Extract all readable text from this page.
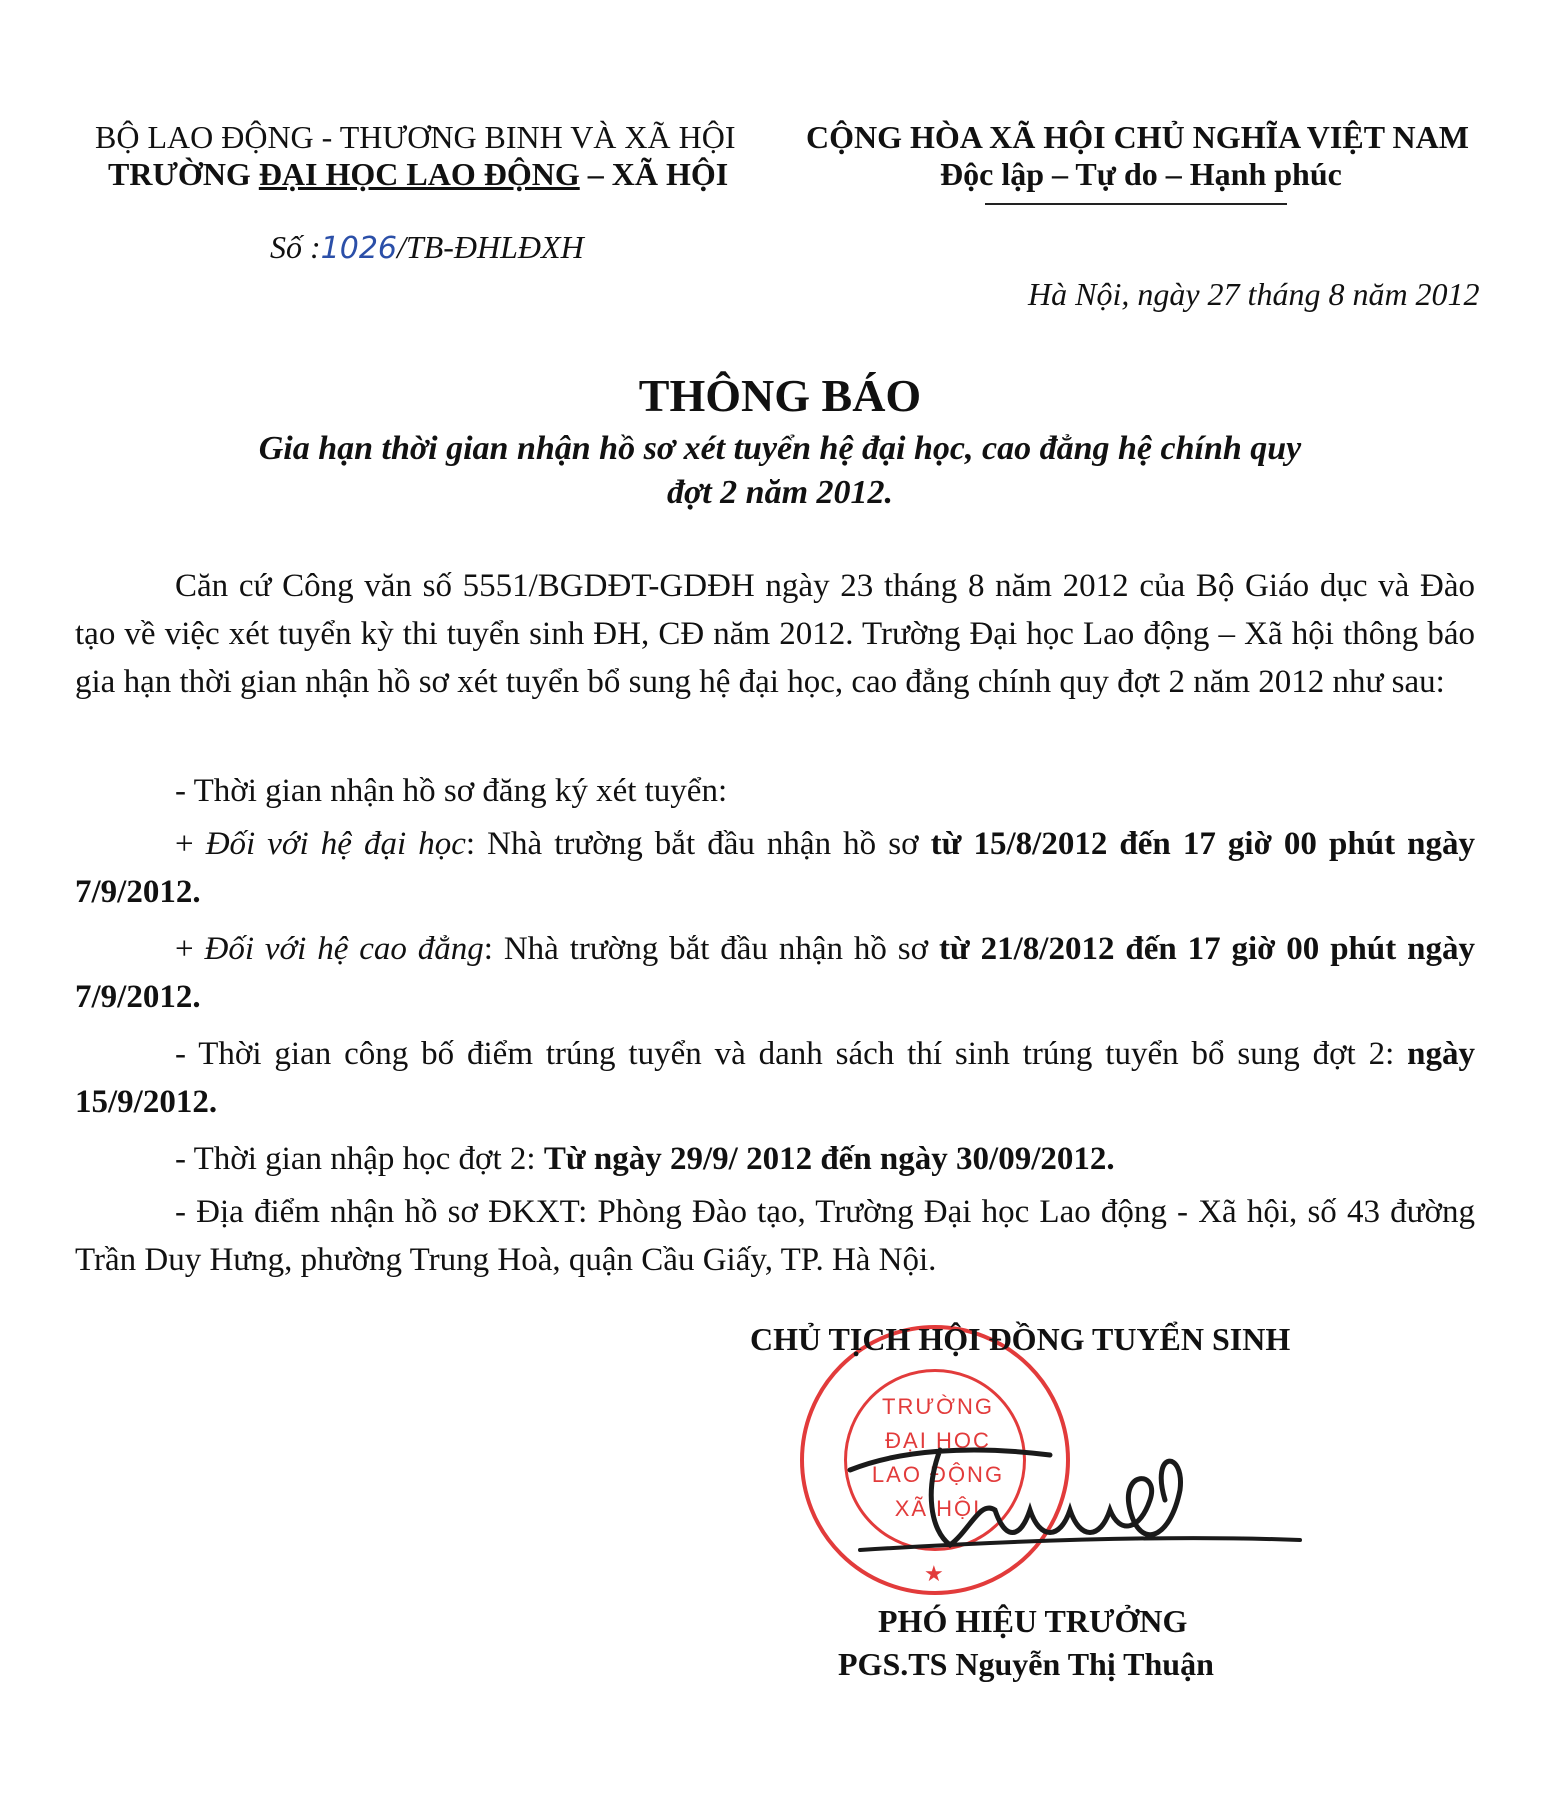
BỘ LAO ĐỘNG - THƯƠNG BINH VÀ XÃ HỘI
TRƯỜNG ĐẠI HỌC LAO ĐỘNG – XÃ HỘI
Số :1026/TB-ĐHLĐXH
CỘNG HÒA XÃ HỘI CHỦ NGHĨA VIỆT NAM
Độc lập – Tự do – Hạnh phúc
Hà Nội, ngày 27 tháng 8 năm 2012
THÔNG BÁO
Gia hạn thời gian nhận hồ sơ xét tuyển hệ đại học, cao đẳng hệ chính quy
đợt 2 năm 2012.
Căn cứ Công văn số 5551/BGDĐT-GDĐH ngày 23 tháng 8 năm 2012 của Bộ Giáo dục và Đào tạo về việc xét tuyển kỳ thi tuyển sinh ĐH, CĐ năm 2012. Trường Đại học Lao động – Xã hội thông báo gia hạn thời gian nhận hồ sơ xét tuyển bổ sung hệ đại học, cao đẳng chính quy đợt 2 năm 2012 như sau:
- Thời gian nhận hồ sơ đăng ký xét tuyển:
+ Đối với hệ đại học: Nhà trường bắt đầu nhận hồ sơ từ 15/8/2012 đến 17 giờ 00 phút ngày 7/9/2012.
+ Đối với hệ cao đẳng: Nhà trường bắt đầu nhận hồ sơ từ 21/8/2012 đến 17 giờ 00 phút ngày 7/9/2012.
- Thời gian công bố điểm trúng tuyển và danh sách thí sinh trúng tuyển bổ sung đợt 2: ngày 15/9/2012.
- Thời gian nhập học đợt 2: Từ ngày 29/9/ 2012 đến ngày 30/09/2012.
- Địa điểm nhận hồ sơ ĐKXT: Phòng Đào tạo, Trường Đại học Lao động - Xã hội, số 43 đường Trần Duy Hưng, phường Trung Hoà, quận Cầu Giấy, TP. Hà Nội.
TRƯỜNG
ĐẠI HỌC
LAO ĐỘNG
XÃ HỘI
★
CHỦ TỊCH HỘI ĐỒNG TUYỂN SINH
PHÓ HIỆU TRƯỞNG
PGS.TS Nguyễn Thị Thuận
